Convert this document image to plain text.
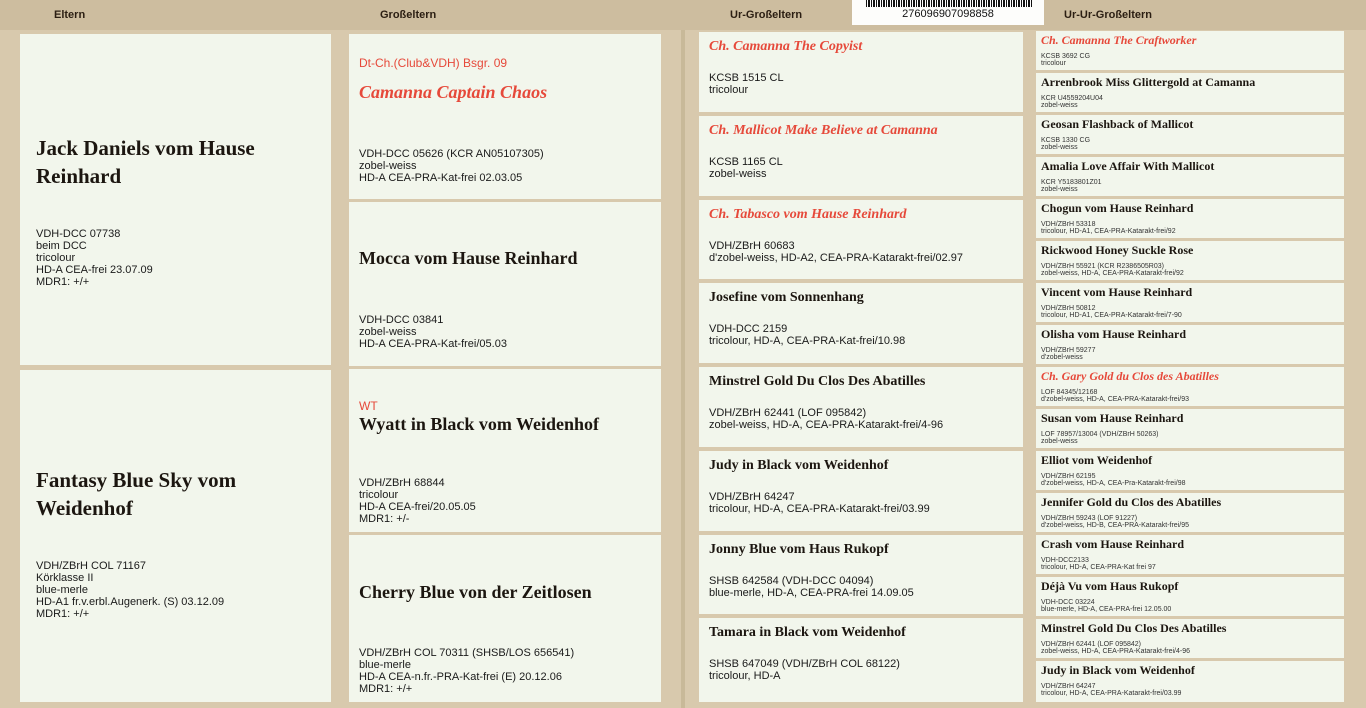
Eltern	Großeltern	Ur-Großeltern	Ur-Ur-Großeltern
276096907098858
Jack Daniels vom Hause Reinhard
VDH-DCC 07738
beim DCC
tricolour
HD-A CEA-frei 23.07.09
MDR1: +/+
Fantasy Blue Sky vom Weidenhof
VDH/ZBrH COL 71167
Körklasse II
blue-merle
HD-A1 fr.v.erbl.Augenerk. (S) 03.12.09
MDR1: +/+
Dt-Ch.(Club&VDH) Bsgr. 09
Camanna Captain Chaos
VDH-DCC 05626 (KCR AN05107305)
zobel-weiss
HD-A CEA-PRA-Kat-frei 02.03.05
Mocca vom Hause Reinhard
VDH-DCC 03841
zobel-weiss
HD-A CEA-PRA-Kat-frei/05.03
WT
Wyatt in Black vom Weidenhof
VDH/ZBrH 68844
tricolour
HD-A CEA-frei/20.05.05
MDR1: +/-
Cherry Blue von der Zeitlosen
VDH/ZBrH COL 70311 (SHSB/LOS 656541)
blue-merle
HD-A CEA-n.fr.-PRA-Kat-frei (E) 20.12.06
MDR1: +/+
Ch. Camanna The Copyist
KCSB 1515 CL
tricolour
Ch. Mallicot Make Believe at Camanna
KCSB 1165 CL
zobel-weiss
Ch. Tabasco vom Hause Reinhard
VDH/ZBrH 60683
d'zobel-weiss, HD-A2, CEA-PRA-Katarakt-frei/02.97
Josefine vom Sonnenhang
VDH-DCC 2159
tricolour, HD-A, CEA-PRA-Kat-frei/10.98
Minstrel Gold Du Clos Des Abatilles
VDH/ZBrH 62441 (LOF 095842)
zobel-weiss, HD-A, CEA-PRA-Katarakt-frei/4-96
Judy in Black vom Weidenhof
VDH/ZBrH 64247
tricolour, HD-A, CEA-PRA-Katarakt-frei/03.99
Jonny Blue vom Haus Rukopf
SHSB 642584 (VDH-DCC 04094)
blue-merle, HD-A, CEA-PRA-frei 14.09.05
Tamara in Black vom Weidenhof
SHSB 647049 (VDH/ZBrH COL 68122)
tricolour, HD-A
Ch. Camanna The Craftworker
KCSB 3692 CG
tricolour
Arrenbrook Miss Glittergold at Camanna
KCR U4559204U04
zobel-weiss
Geosan Flashback of Mallicot
KCSB 1330 CG
zobel-weiss
Amalia Love Affair With Mallicot
KCR Y5183801Z01
zobel-weiss
Chogun vom Hause Reinhard
VDH/ZBrH 53318
tricolour, HD-A1, CEA-PRA-Katarakt-frei/92
Rickwood Honey Suckle Rose
VDH/ZBrH 55921 (KCR R2386505R03)
zobel-weiss, HD-A, CEA-PRA-Katarakt-frei/92
Vincent vom Hause Reinhard
VDH/ZBrH 50812
tricolour, HD-A1, CEA-PRA-Katarakt-frei/7-90
Olisha vom Hause Reinhard
VDH/ZBrH 59277
d'zobel-weiss
Ch. Gary Gold du Clos des Abatilles
LOF 84345/12168
d'zobel-weiss, HD-A, CEA-PRA-Katarakt-frei/93
Susan vom Hause Reinhard
LOF 78957/13004 (VDH/ZBrH 50263)
zobel-weiss
Elliot vom Weidenhof
VDH/ZBrH 62195
d'zobel-weiss, HD-A, CEA-Pra-Katarakt-frei/98
Jennifer Gold du Clos des Abatilles
VDH/ZBrH 59243 (LOF 91227)
d'zobel-weiss, HD-B, CEA-PRA-Katarakt-frei/95
Crash vom Hause Reinhard
VDH-DCC2133
tricolour, HD-A, CEA-PRA-Kat frei 97
Déjà Vu vom Haus Rukopf
VDH-DCC 03224
blue-merle, HD-A, CEA-PRA-frei 12.05.00
Minstrel Gold Du Clos Des Abatilles
VDH/ZBrH 62441 (LOF 095842)
zobel-weiss, HD-A, CEA-PRA-Katarakt-frei/4-96
Judy in Black vom Weidenhof
VDH/ZBrH 64247
tricolour, HD-A, CEA-PRA-Katarakt-frei/03.99
